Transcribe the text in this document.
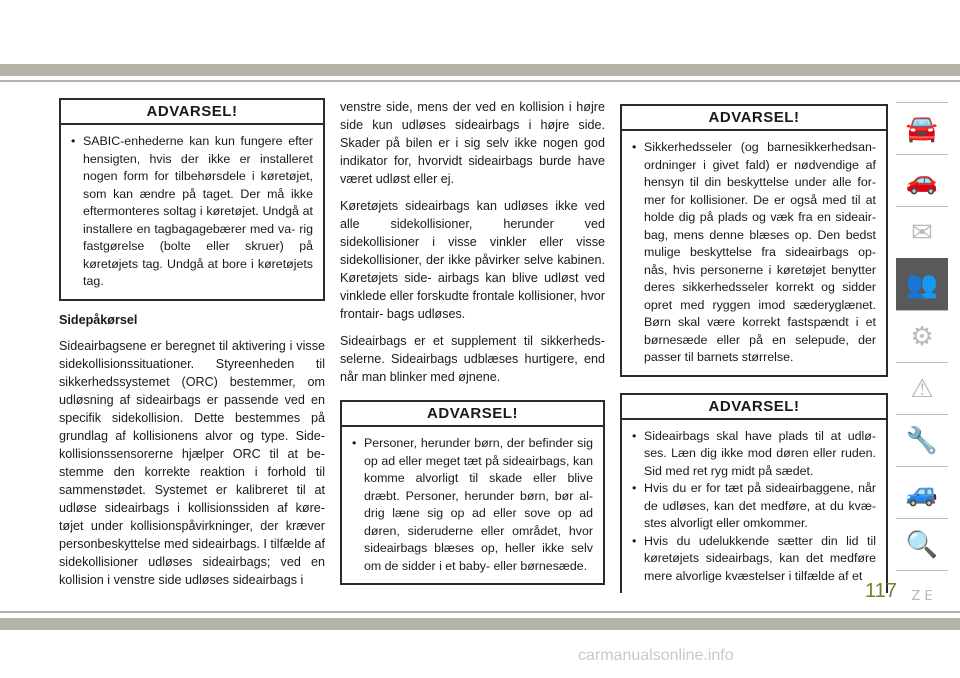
ADVARSEL!
• SABIC-enhederne kan kun fungere efter hensigten, hvis der ikke er installeret nogen form for tilbehørsdele i køretøjet, som kan ændre på taget. Der må ikke eftermonteres soltag i køretøjet. Undgå at installere en tagbagagebærer med va- rig fastgørelse (bolte eller skruer) på køretøjets tag. Undgå at bore i køretøjets tag.
Sidepåkørsel

Sideairbagsene er beregnet til aktivering i visse sidekollisionssituationer. Styreenheden til sikkerhedssystemet (ORC) bestemmer, om udløsning af sideairbags er passende ved en specifik sidekollision. Dette bestemmes på grundlag af kollisionens alvor og type. Side- kollisionssensorerne hjælper ORC til at be- stemme den korrekte reaktion i forhold til sammenstødet. Systemet er kalibreret til at udløse sideairbags i kollisionssiden af køre- tøjet under kollisionspåvirkninger, der kræver personbeskyttelse med sideairbags. I tilfælde af sidekollisioner udløses sideairbags; ved en kollision i venstre side udløses sideairbags i

venstre side, mens der ved en kollision i højre side kun udløses sideairbags i højre side. Skader på bilen er i sig selv ikke nogen god indikator for, hvorvidt sideairbags burde have været udløst eller ej.

Køretøjets sideairbags kan udløses ikke ved alle sidekollisioner, herunder ved sidekollisioner i visse vinkler eller visse sidekollisioner, der ikke påvirker selve kabinen. Køretøjets side- airbags kan blive udløst ved vinklede eller forskudte frontale kollisioner, hvor frontair- bags udløses.

Sideairbags er et supplement til sikkerheds- selerne. Sideairbags udblæses hurtigere, end når man blinker med øjnene.

ADVARSEL!
• Personer, herunder børn, der befinder sig op ad eller meget tæt på sideairbags, kan komme alvorligt til skade eller blive dræbt. Personer, herunder børn, bør al- drig læne sig op ad eller sove op ad døren, sideruderne eller området, hvor sideairbags blæses op, heller ikke selv om de sidder i et baby- eller børnesæde.
ADVARSEL!
• Sikkerhedsseler (og barnesikkerhedsan- ordninger i givet fald) er nødvendige af hensyn til din beskyttelse under alle for- mer for kollisioner. De er også med til at holde dig på plads og væk fra en sideair- bag, mens denne blæses op. Den bedst mulige beskyttelse fra sideairbags op- nås, hvis personerne i køretøjet benytter deres sikkerhedsseler korrekt og sidder opret med ryggen imod sæderyglænet. Børn skal være korrekt fastspændt i et børnesæde eller på en selepude, der passer til barnets størrelse.
ADVARSEL!
• Sideairbags skal have plads til at udlø- ses. Læn dig ikke mod døren eller ruden. Sid med ret ryg midt på sædet.
• Hvis du er for tæt på sideairbaggene, når de udløses, kan det medføre, at du kvæ- stes alvorligt eller omkommer.
• Hvis du udelukkende sætter din lid til køretøjets sideairbags, kan det medføre mere alvorlige kvæstelser i tilfælde af et
🚘
🚗
✉
👥
⚙
⚠
🔧
🚙
🔍
Z E
117
carmanualsonline.info
